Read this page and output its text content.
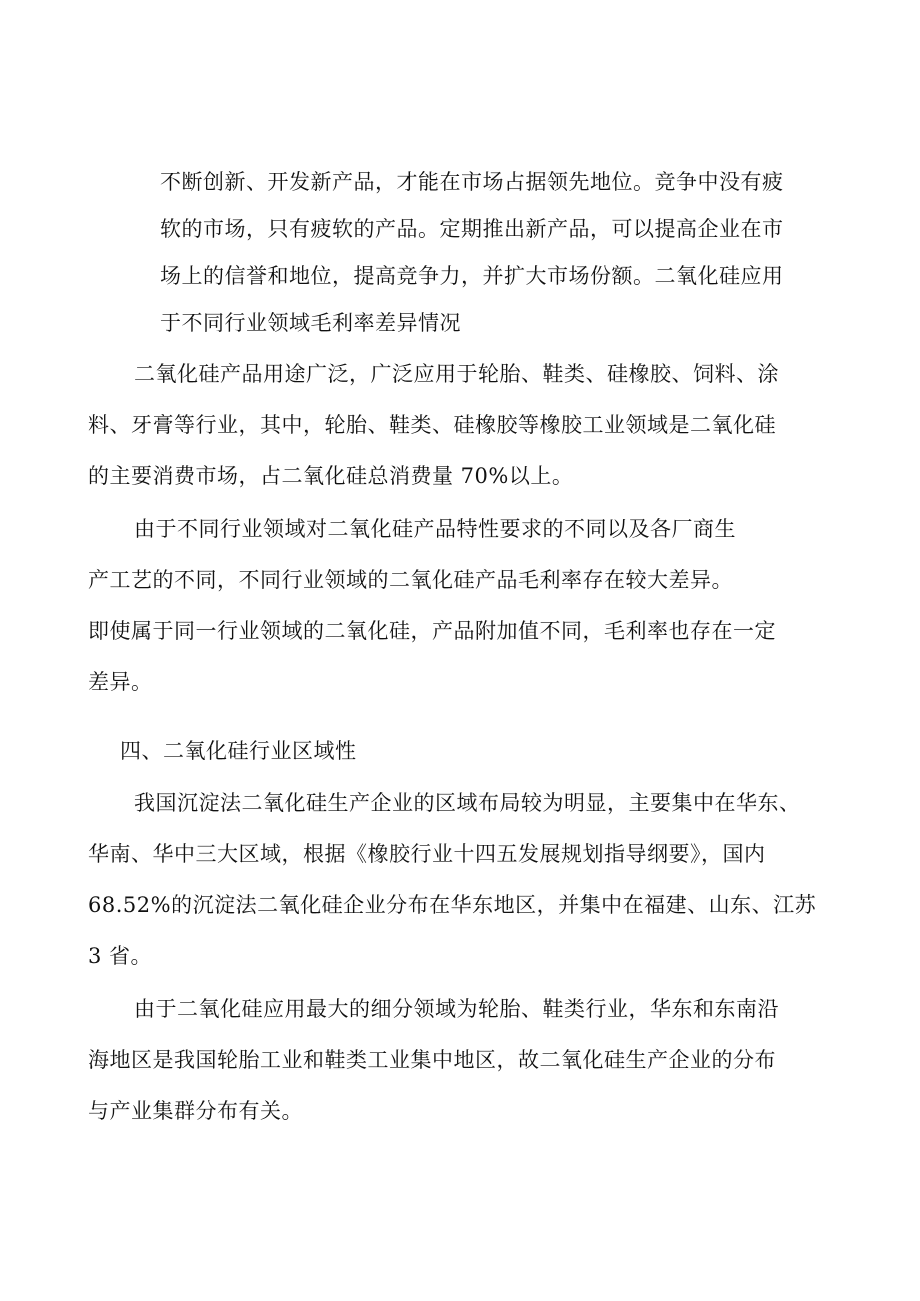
不断创新、开发新产品，才能在市场占据领先地位。竞争中没有疲
软的市场，只有疲软的产品。定期推出新产品，可以提高企业在市
场上的信誉和地位，提高竞争力，并扩大市场份额。二氧化硅应用
于不同行业领域毛利率差异情况
二氧化硅产品用途广泛，广泛应用于轮胎、鞋类、硅橡胶、饲料、涂
料、牙膏等行业，其中，轮胎、鞋类、硅橡胶等橡胶工业领域是二氧化硅
的主要消费市场，占二氧化硅总消费量 70%以上。
由于不同行业领域对二氧化硅产品特性要求的不同以及各厂商生
产工艺的不同，不同行业领域的二氧化硅产品毛利率存在较大差异。
即使属于同一行业领域的二氧化硅，产品附加值不同，毛利率也存在一定
差异。
四、二氧化硅行业区域性
我国沉淀法二氧化硅生产企业的区域布局较为明显，主要集中在华东、
华南、华中三大区域，根据《橡胶行业十四五发展规划指导纲要》，国内
68.52%的沉淀法二氧化硅企业分布在华东地区，并集中在福建、山东、江苏
3 省。
由于二氧化硅应用最大的细分领域为轮胎、鞋类行业，华东和东南沿
海地区是我国轮胎工业和鞋类工业集中地区，故二氧化硅生产企业的分布
与产业集群分布有关。
